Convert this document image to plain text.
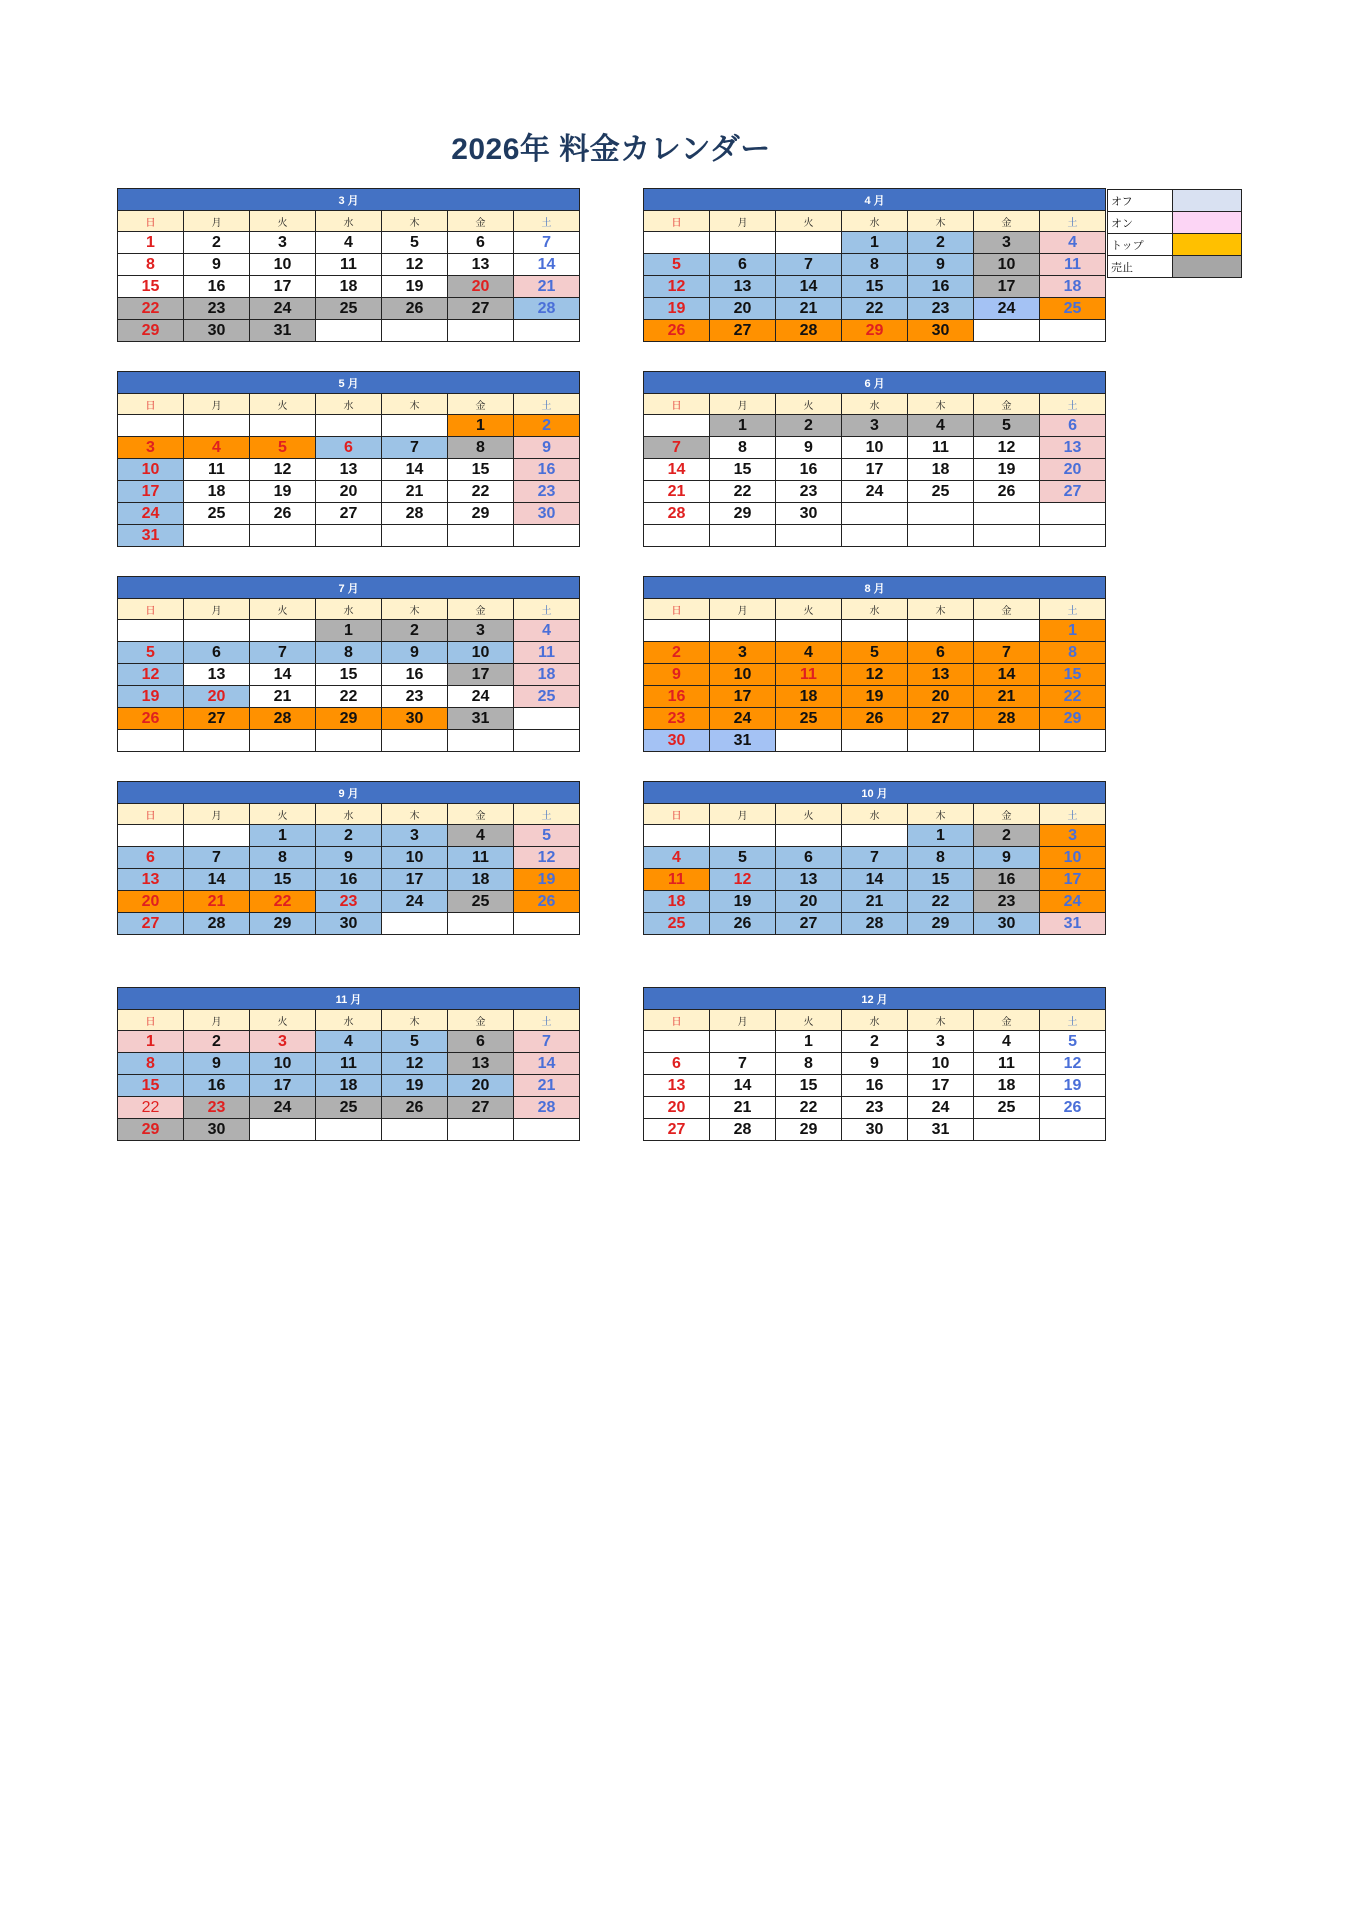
2026年 料金カレンダー
3 月						
日	月	火	水	木	金	土
1	2	3	4	5	6	7
8	9	10	11	12	13	14
15	16	17	18	19	20	21
22	23	24	25	26	27	28
29	30	31				
4 月						
日	月	火	水	木	金	土
			1	2	3	4
5	6	7	8	9	10	11
12	13	14	15	16	17	18
19	20	21	22	23	24	25
26	27	28	29	30		
5 月						
日	月	火	水	木	金	土
					1	2
3	4	5	6	7	8	9
10	11	12	13	14	15	16
17	18	19	20	21	22	23
24	25	26	27	28	29	30
31						
6 月						
日	月	火	水	木	金	土
	1	2	3	4	5	6
7	8	9	10	11	12	13
14	15	16	17	18	19	20
21	22	23	24	25	26	27
28	29	30				

7 月						
日	月	火	水	木	金	土
			1	2	3	4
5	6	7	8	9	10	11
12	13	14	15	16	17	18
19	20	21	22	23	24	25
26	27	28	29	30	31	

8 月						
日	月	火	水	木	金	土
						1
2	3	4	5	6	7	8
9	10	11	12	13	14	15
16	17	18	19	20	21	22
23	24	25	26	27	28	29
30	31					
9 月						
日	月	火	水	木	金	土
		1	2	3	4	5
6	7	8	9	10	11	12
13	14	15	16	17	18	19
20	21	22	23	24	25	26
27	28	29	30			
10 月						
日	月	火	水	木	金	土
				1	2	3
4	5	6	7	8	9	10
11	12	13	14	15	16	17
18	19	20	21	22	23	24
25	26	27	28	29	30	31
11 月						
日	月	火	水	木	金	土
1	2	3	4	5	6	7
8	9	10	11	12	13	14
15	16	17	18	19	20	21
22	23	24	25	26	27	28
29	30					
12 月						
日	月	火	水	木	金	土
		1	2	3	4	5
6	7	8	9	10	11	12
13	14	15	16	17	18	19
20	21	22	23	24	25	26
27	28	29	30	31		
オフ	
オン	
トップ	
売止	
